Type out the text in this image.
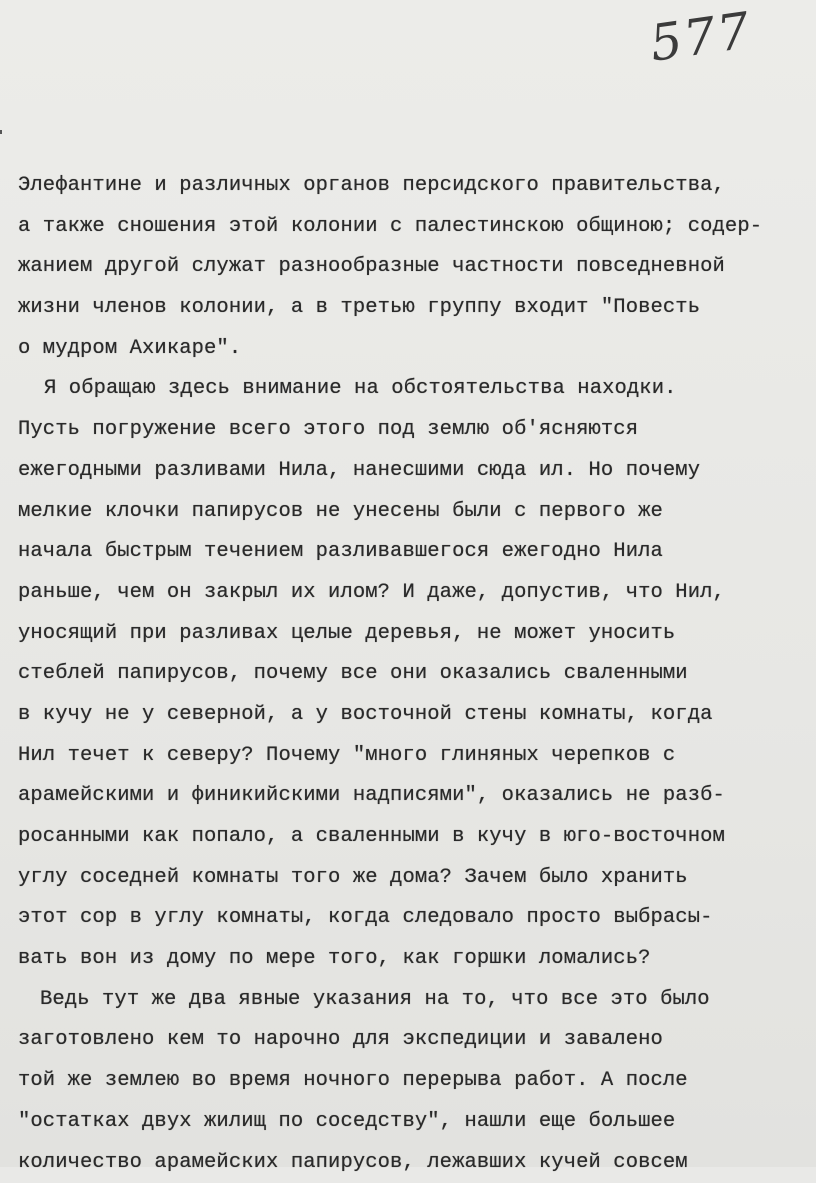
577
Элефантине и различных органов персидского правительства,
а также сношения этой колонии с палестинскою общиною; содер-
жанием другой служат разнообразные частности повседневной
жизни членов колонии, а в третью группу входит "Повесть
о мудром Ахикаре".
Я обращаю здесь внимание на обстоятельства находки.
Пусть погружение всего этого под землю об'ясняются
ежегодными разливами Нила, нанесшими сюда ил. Но почему
мелкие клочки папирусов не унесены были с первого же
начала быстрым течением разливавшегося ежегодно Нила
раньше, чем он закрыл их илом? И даже, допустив, что Нил,
уносящий при разливах целые деревья, не может уносить
стеблей папирусов, почему все они оказались сваленными
в кучу не у северной, а у восточной стены комнаты, когда
Нил течет к северу? Почему "много глиняных черепков с
арамейскими и финикийскими надписями", оказались не разб-
росанными как попало, а сваленными в кучу в юго-восточном
углу соседней комнаты того же дома? Зачем было хранить
этот сор в углу комнаты, когда следовало просто выбрасы-
вать вон из дому по мере того, как горшки ломались?
Ведь тут же два явные указания на то, что все это было
заготовлено кем то нарочно для экспедиции и завалено
той же землею во время ночного перерыва работ. А после
"остатках двух жилищ по соседству", нашли еще большее
количество арамейских папирусов, лежавших кучей совсем
